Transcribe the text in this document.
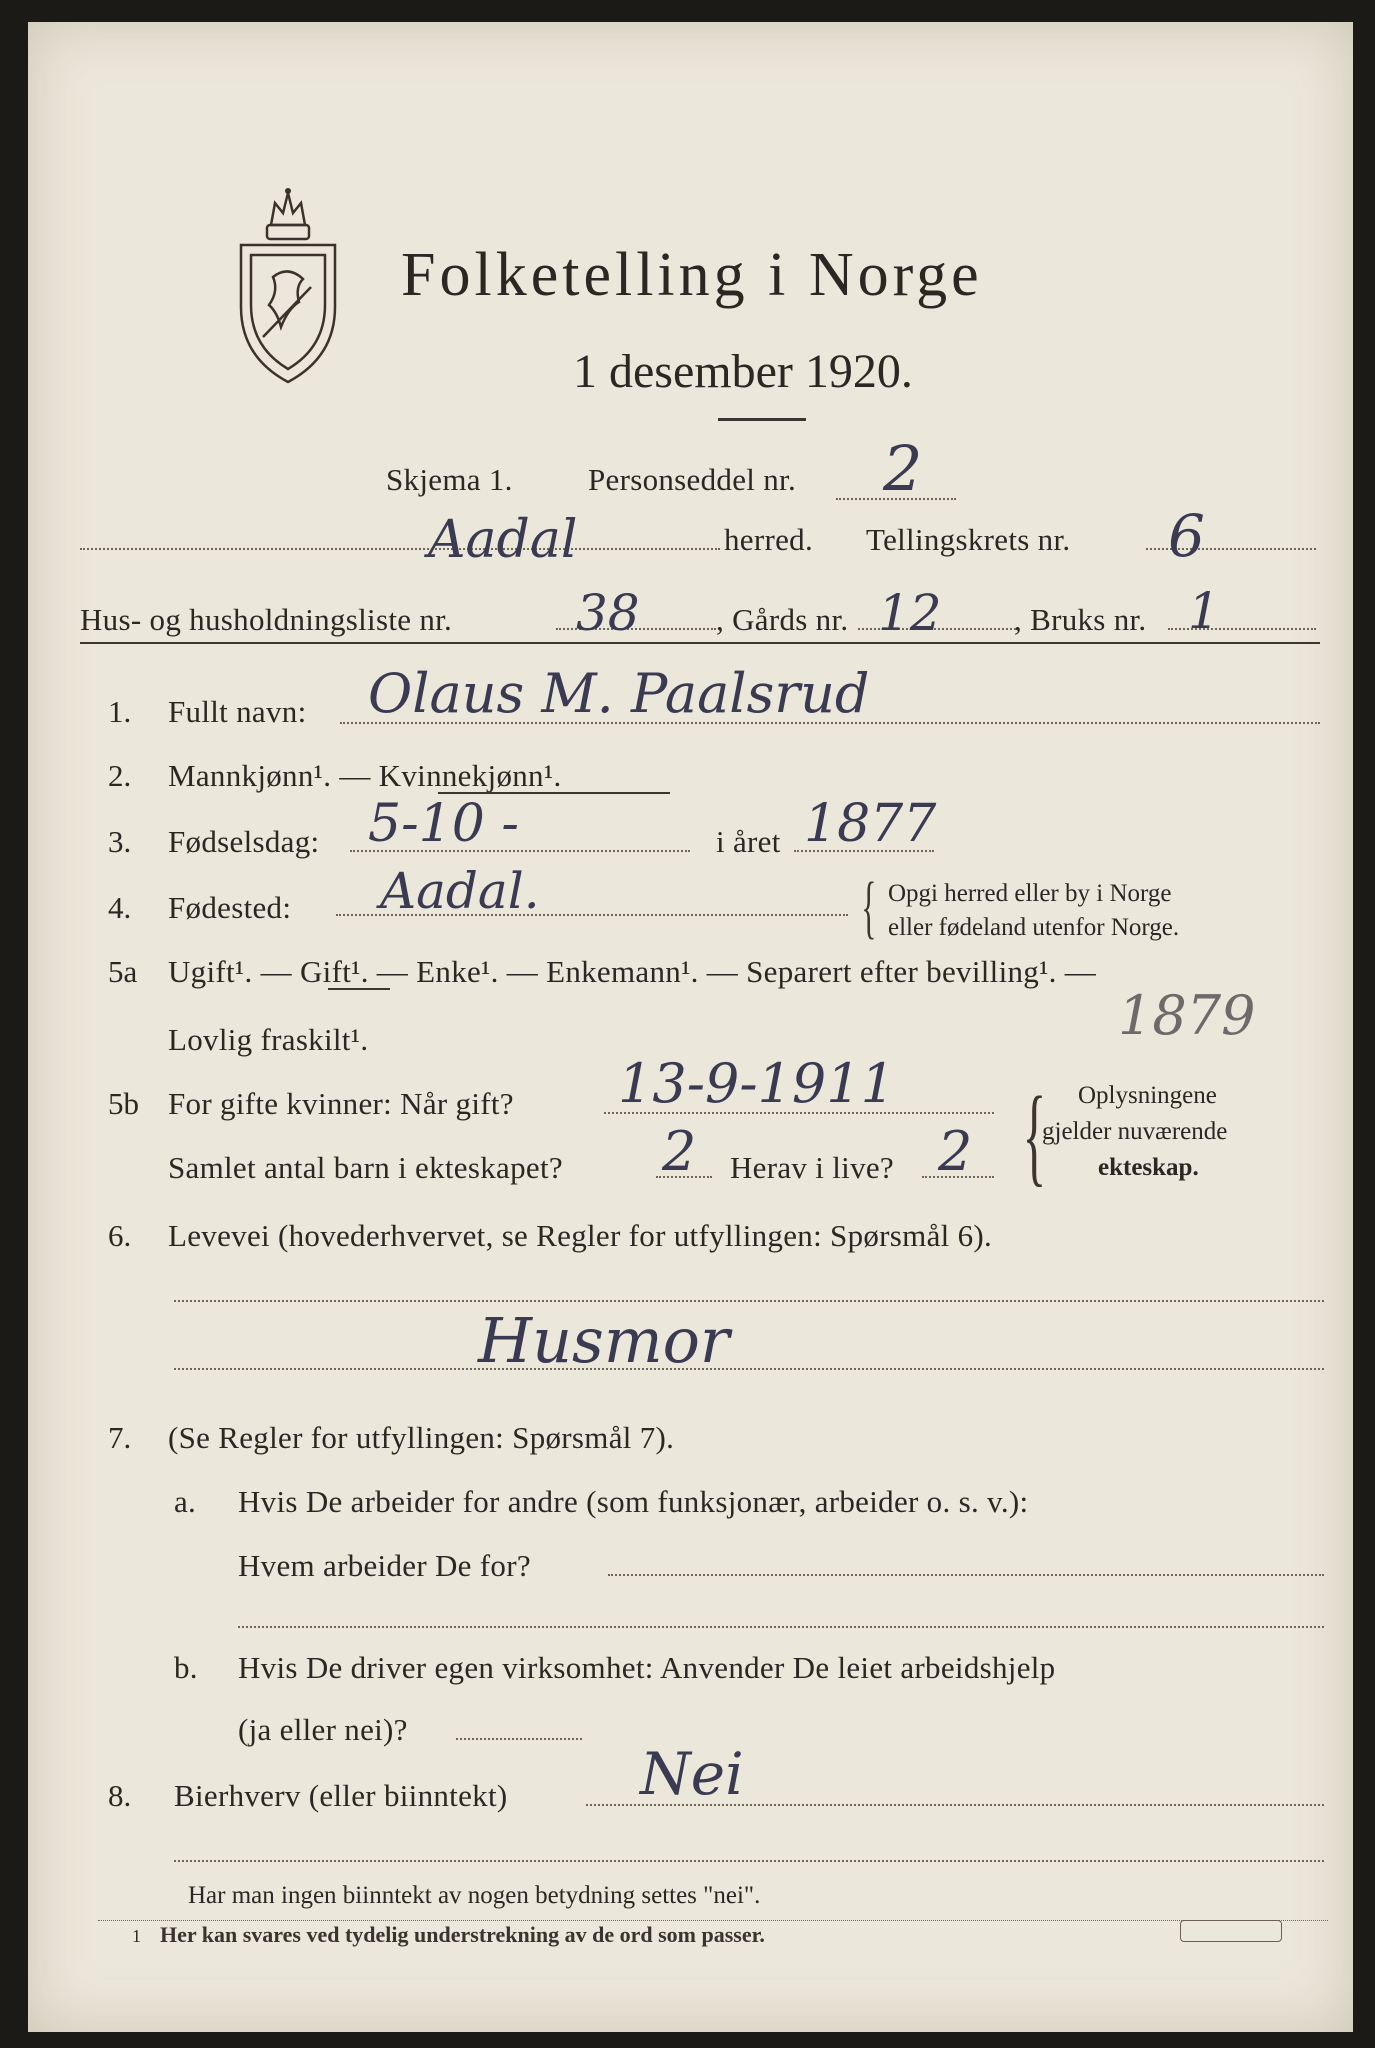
Folketelling i Norge
1 desember 1920.
Skjema 1. Personseddel nr. 2
Aadal	herred. Tellingskrets nr. 6
Hus- og husholdningsliste nr. 38 , Gårds nr. 12 , Bruks nr. 1
1. Fullt navn: Olaus M. Paalsrud
2. Mannkjønn¹. — Kvinnekjønn¹.
3. Fødselsdag: 5-10 -	i året 1877
4. Fødested: Aadal.	{ Opgi herred eller by i Norge
eller fødeland utenfor Norge.
5a Ugift¹. — Gift¹. — Enke¹. — Enkemann¹. — Separert efter bevilling¹. —
Lovlig fraskilt¹.	1879
5b For gifte kvinner: Når gift? 13-9-1911
Samlet antal barn i ekteskapet? 2 Herav i live? 2 { Oplysningene
gjelder nuværende
ekteskap.
6. Levevei (hovederhvervet, se Regler for utfyllingen: Spørsmål 6).
Husmor
7. (Se Regler for utfyllingen: Spørsmål 7).
a. Hvis De arbeider for andre (som funksjonær, arbeider o. s. v.):
Hvem arbeider De for?
b. Hvis De driver egen virksomhet: Anvender De leiet arbeidshjelp
(ja eller nei)?
8. Bierhverv (eller biinntekt) Nei
Har man ingen biinntekt av nogen betydning settes "nei".
1 Her kan svares ved tydelig understrekning av de ord som passer.
